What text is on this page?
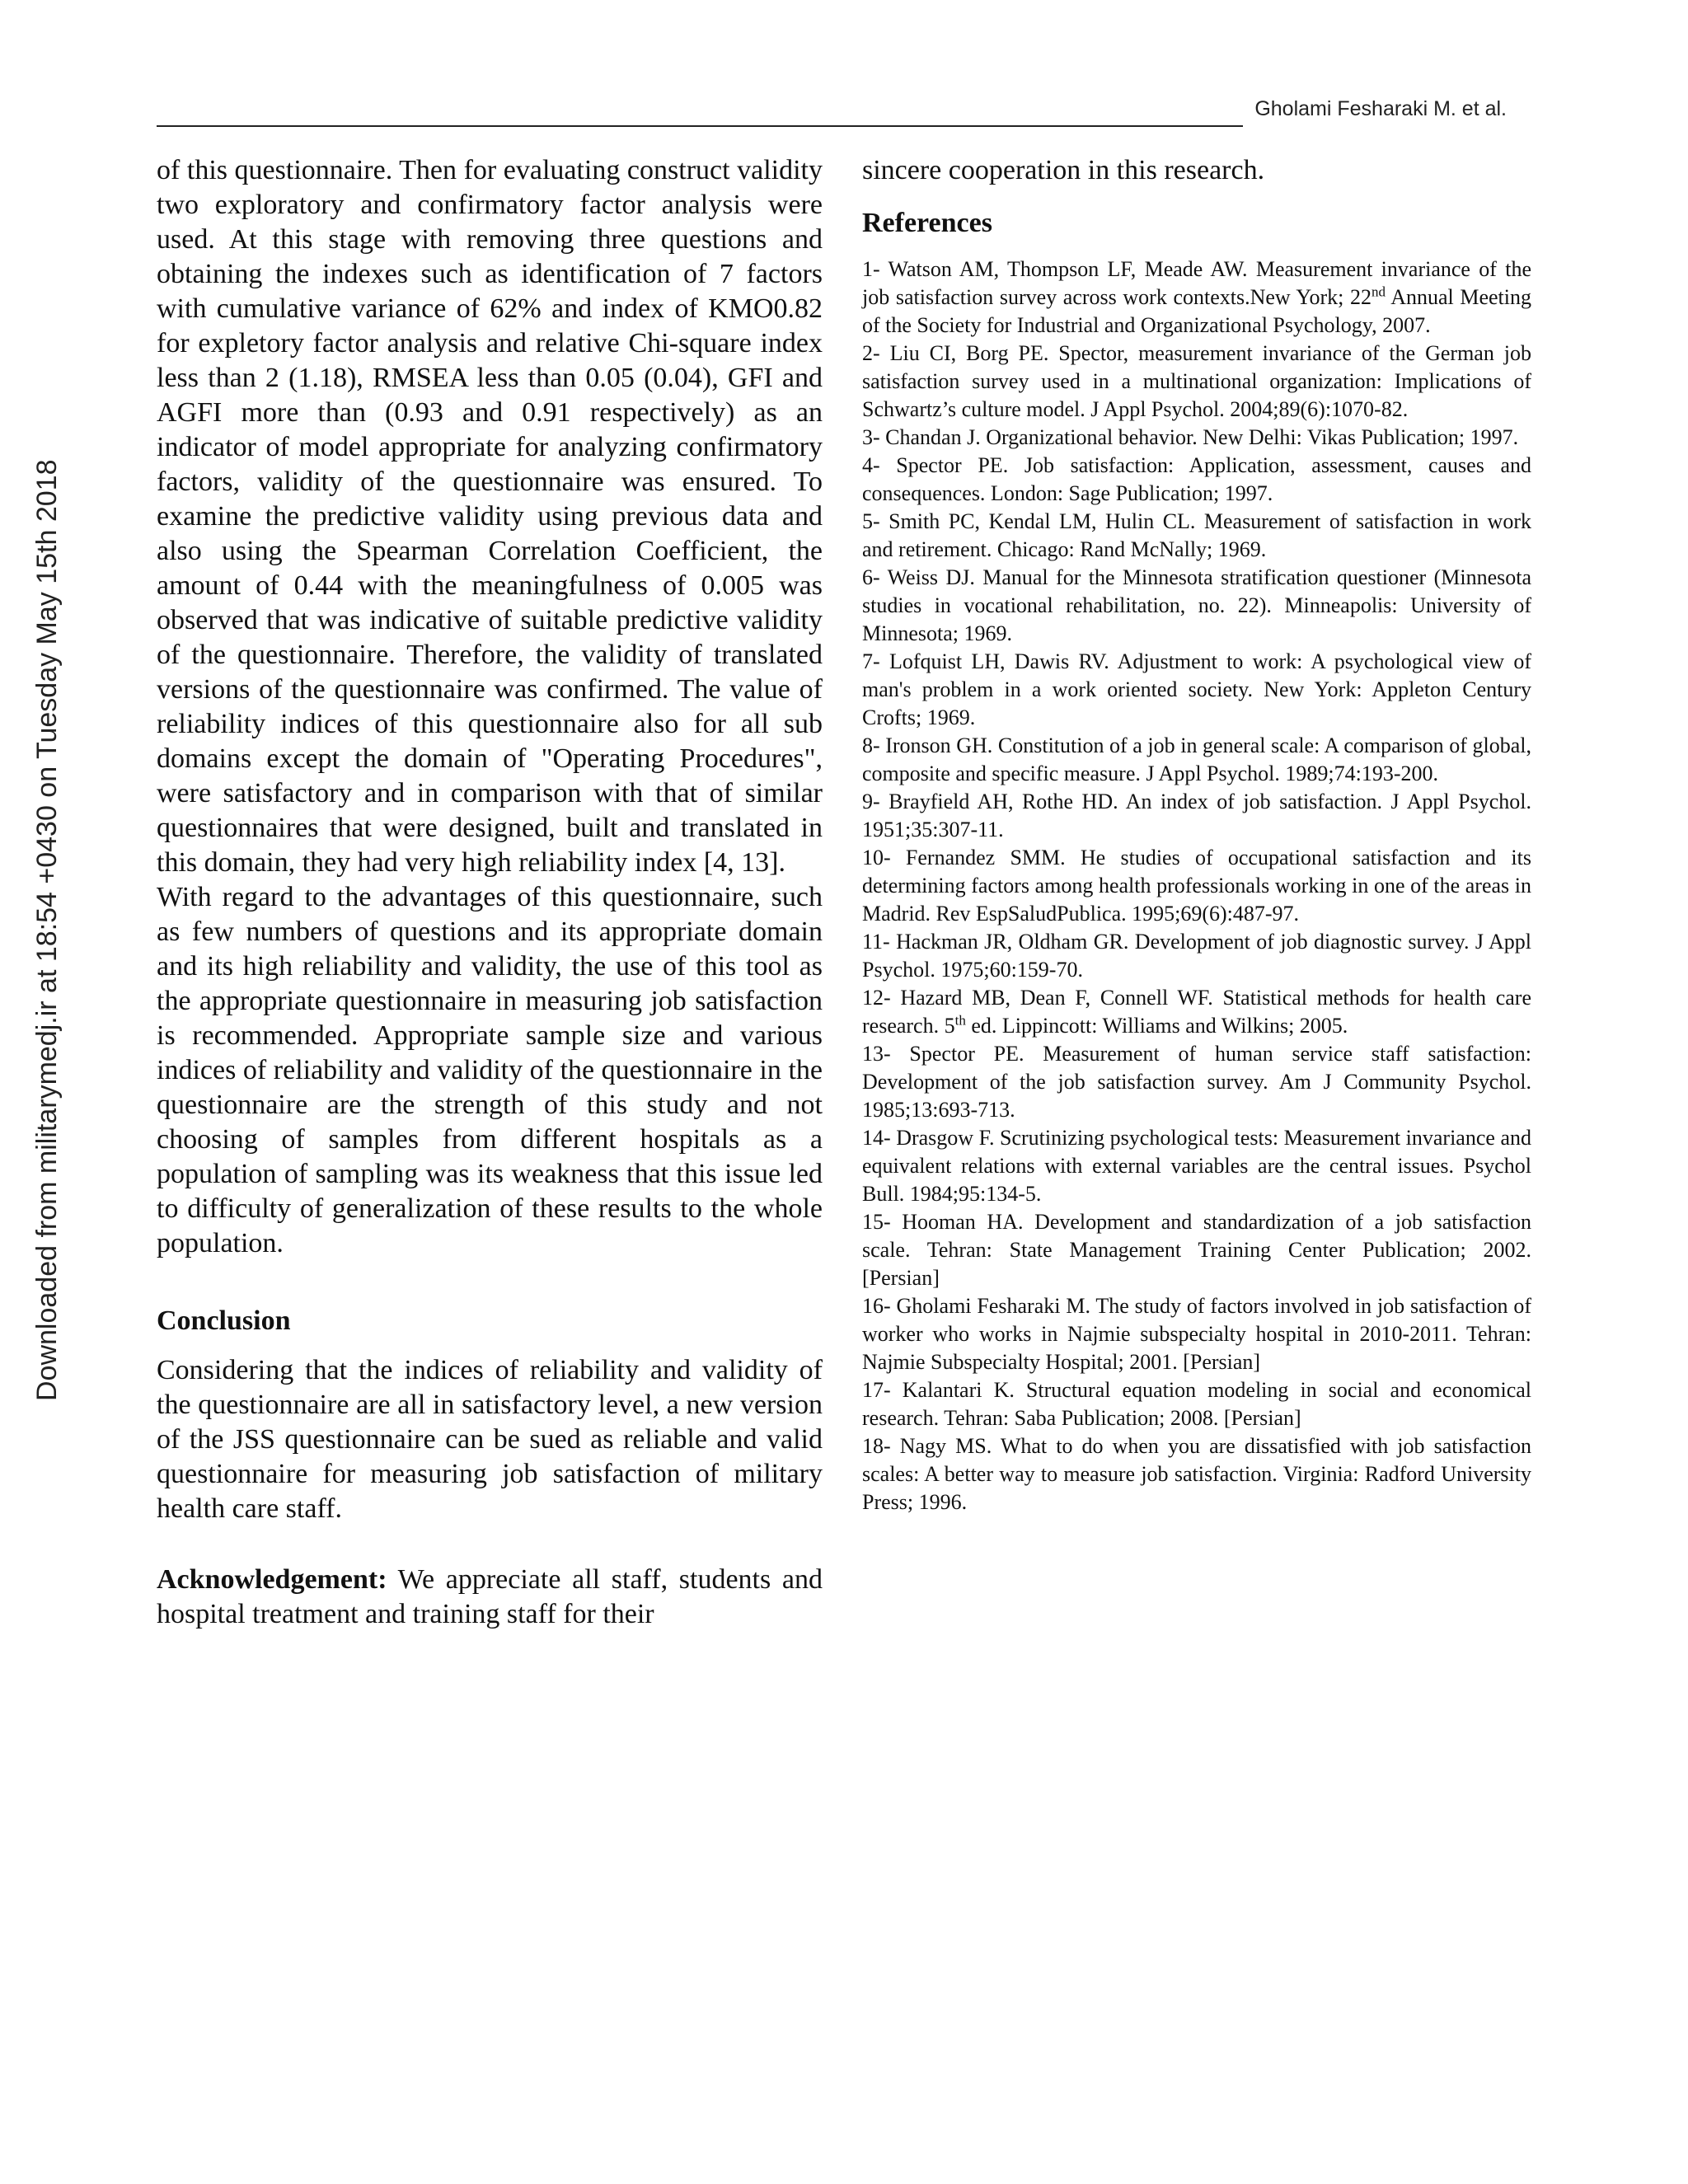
Gholami Fesharaki M. et al.
Downloaded from militarymedj.ir at 18:54 +0430 on Tuesday May 15th 2018

of this questionnaire. Then for evaluating construct validity two exploratory and confirmatory factor analysis were used. At this stage with removing three questions and obtaining the indexes such as identification of 7 factors with cumulative variance of 62% and index of KMO0.82 for expletory factor analysis and relative Chi-square index less than 2 (1.18), RMSEA less than 0.05 (0.04), GFI and AGFI more than (0.93 and 0.91 respectively) as an indicator of model appropriate for analyzing confirmatory factors, validity of the questionnaire was ensured. To examine the predictive validity using previous data and also using the Spearman Correlation Coefficient, the amount of 0.44 with the meaningfulness of 0.005 was observed that was indicative of suitable predictive validity of the questionnaire. Therefore, the validity of translated versions of the questionnaire was confirmed. The value of reliability indices of this questionnaire also for all sub domains except the domain of "Operating Procedures", were satisfactory and in comparison with that of similar questionnaires that were designed, built and translated in this domain, they had very high reliability index [4, 13].

With regard to the advantages of this questionnaire, such as few numbers of questions and its appropriate domain and its high reliability and validity, the use of this tool as the appropriate questionnaire in measuring job satisfaction is recommended. Appropriate sample size and various indices of reliability and validity of the questionnaire in the questionnaire are the strength of this study and not choosing of samples from different hospitals as a population of sampling was its weakness that this issue led to difficulty of generalization of these results to the whole population.

Conclusion

Considering that the indices of reliability and validity of the questionnaire are all in satisfactory level, a new version of the JSS questionnaire can be sued as reliable and valid questionnaire for measuring job satisfaction of military health care staff.

Acknowledgement: We appreciate all staff, students and hospital treatment and training staff for their

sincere cooperation in this research.

References
1- Watson AM, Thompson LF, Meade AW. Measurement invariance of the job satisfaction survey across work contexts.New York; 22nd Annual Meeting of the Society for Industrial and Organizational Psychology, 2007.
2- Liu CI, Borg PE. Spector, measurement invariance of the German job satisfaction survey used in a multinational organization: Implications of Schwartz’s culture model. J Appl Psychol. 2004;89(6):1070-82.
3- Chandan J. Organizational behavior. New Delhi: Vikas Publication; 1997.
4- Spector PE. Job satisfaction: Application, assessment, causes and consequences. London: Sage Publication; 1997.
5- Smith PC, Kendal LM, Hulin CL. Measurement of satisfaction in work and retirement. Chicago: Rand McNally; 1969.
6- Weiss DJ. Manual for the Minnesota stratification questioner (Minnesota studies in vocational rehabilitation, no. 22). Minneapolis: University of Minnesota; 1969.
7- Lofquist LH, Dawis RV. Adjustment to work: A psychological view of man's problem in a work oriented society. New York: Appleton Century Crofts; 1969.
8- Ironson GH. Constitution of a job in general scale: A comparison of global, composite and specific measure. J Appl Psychol. 1989;74:193-200.
9- Brayfield AH, Rothe HD. An index of job satisfaction. J Appl Psychol. 1951;35:307-11.
10- Fernandez SMM. He studies of occupational satisfaction and its determining factors among health professionals working in one of the areas in Madrid. Rev EspSaludPublica. 1995;69(6):487-97.
11- Hackman JR, Oldham GR. Development of job diagnostic survey. J Appl Psychol. 1975;60:159-70.
12- Hazard MB, Dean F, Connell WF. Statistical methods for health care research. 5th ed. Lippincott: Williams and Wilkins; 2005.
13- Spector PE. Measurement of human service staff satisfaction: Development of the job satisfaction survey. Am J Community Psychol. 1985;13:693-713.
14- Drasgow F. Scrutinizing psychological tests: Measurement invariance and equivalent relations with external variables are the central issues. Psychol Bull. 1984;95:134-5.
15- Hooman HA. Development and standardization of a job satisfaction scale. Tehran: State Management Training Center Publication; 2002. [Persian]
16- Gholami Fesharaki M. The study of factors involved in job satisfaction of worker who works in Najmie subspecialty hospital in 2010-2011. Tehran: Najmie Subspecialty Hospital; 2001. [Persian]
17- Kalantari K. Structural equation modeling in social and economical research. Tehran: Saba Publication; 2008. [Persian]
18- Nagy MS. What to do when you are dissatisfied with job satisfaction scales: A better way to measure job satisfaction. Virginia: Radford University Press; 1996.
